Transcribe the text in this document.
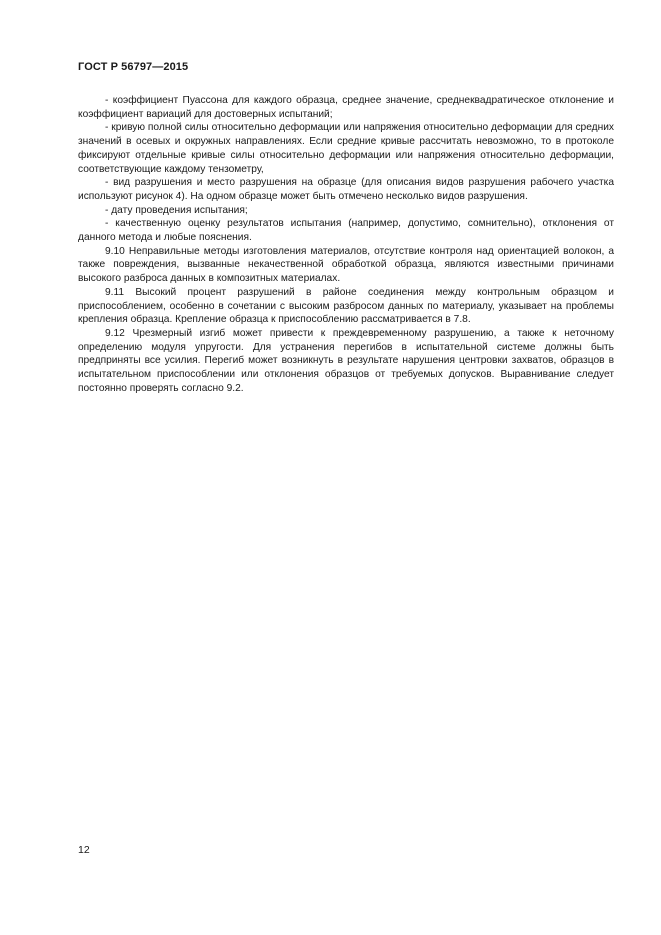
ГОСТ Р 56797—2015

- коэффициент Пуассона для каждого образца, среднее значение, среднеквадратическое отклонение и коэффициент вариаций для достоверных испытаний;

- кривую полной силы относительно деформации или напряжения относительно деформации для средних значений в осевых и окружных направлениях. Если средние кривые рассчитать невозможно, то в протоколе фиксируют отдельные кривые силы относительно деформации или напряжения относительно деформации, соответствующие каждому тензометру,

- вид разрушения и место разрушения на образце (для описания видов разрушения рабочего участка используют рисунок 4). На одном образце может быть отмечено несколько видов разрушения.

- дату проведения испытания;

- качественную оценку результатов испытания (например, допустимо, сомнительно), отклонения от данного метода и любые пояснения.

9.10 Неправильные методы изготовления материалов, отсутствие контроля над ориентацией волокон, а также повреждения, вызванные некачественной обработкой образца, являются известными причинами высокого разброса данных в композитных материалах.

9.11 Высокий процент разрушений в районе соединения между контрольным образцом и приспособлением, особенно в сочетании с высоким разбросом данных по материалу, указывает на проблемы крепления образца. Крепление образца к приспособлению рассматривается в 7.8.

9.12 Чрезмерный изгиб может привести к преждевременному разрушению, а также к неточному определению модуля упругости. Для устранения перегибов в испытательной системе должны быть предприняты все усилия. Перегиб может возникнуть в результате нарушения центровки захватов, образцов в испытательном приспособлении или отклонения образцов от требуемых допусков. Выравнивание следует постоянно проверять согласно 9.2.

12
